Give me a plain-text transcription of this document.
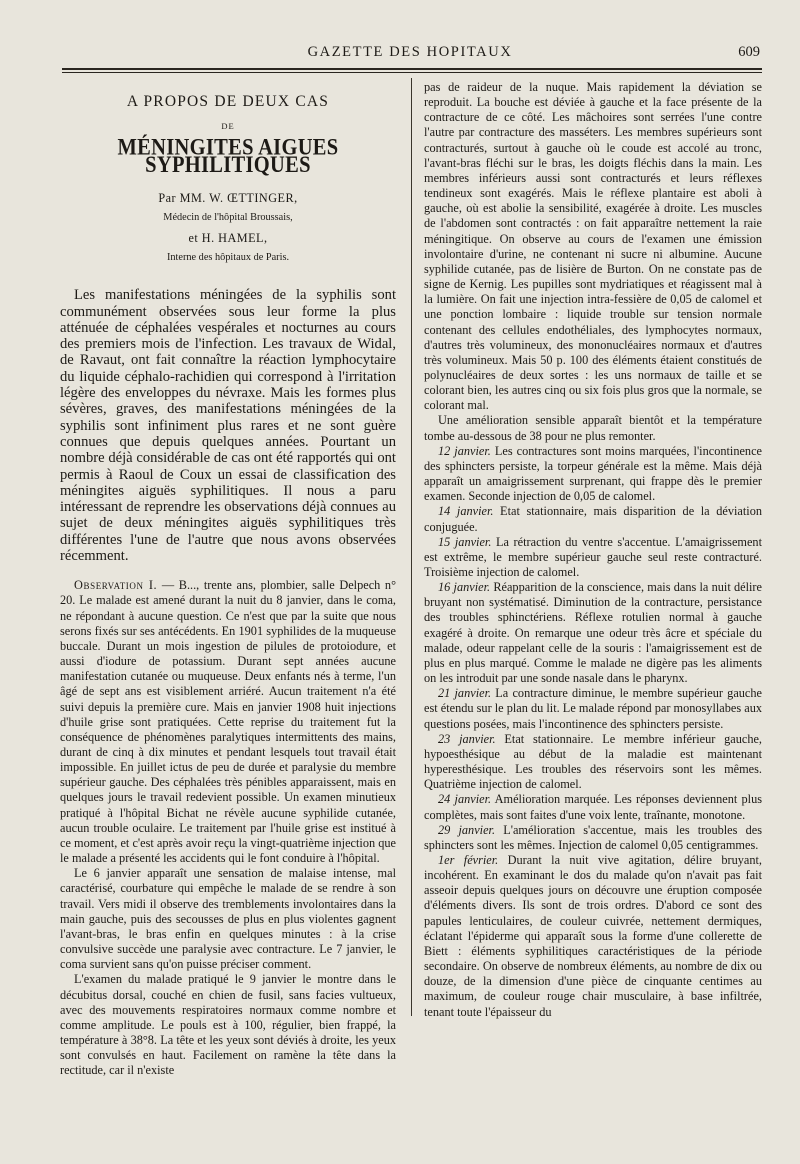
GAZETTE DES HOPITAUX	609
A PROPOS DE DEUX CAS
DE
MÉNINGITES AIGUES SYPHILITIQUES
Par MM. W. ŒTTINGER,
Médecin de l'hôpital Broussais,
et H. HAMEL,
Interne des hôpitaux de Paris.

Les manifestations méningées de la syphilis sont communément observées sous leur forme la plus atténuée de céphalées vespérales et nocturnes au cours des premiers mois de l'infection. Les travaux de Widal, de Ravaut, ont fait connaître la réaction lymphocytaire du liquide céphalo-rachidien qui correspond à l'irritation légère des enveloppes du névraxe. Mais les formes plus sévères, graves, des manifestations méningées de la syphilis sont infiniment plus rares et ne sont guère connues que depuis quelques années. Pourtant un nombre déjà considérable de cas ont été rapportés qui ont permis à Raoul de Coux un essai de classification des méningites aiguës syphilitiques. Il nous a paru intéressant de reprendre les observations déjà connues au sujet de deux méningites aiguës syphilitiques très différentes l'une de l'autre que nous avons observées récemment.

Observation I. — B..., trente ans, plombier, salle Delpech n° 20. Le malade est amené durant la nuit du 8 janvier, dans le coma, ne répondant à aucune question. Ce n'est que par la suite que nous serons fixés sur ses antécédents. En 1901 syphilides de la muqueuse buccale. Durant un mois ingestion de pilules de protoiodure, et aussi d'iodure de potassium. Durant sept années aucune manifestation cutanée ou muqueuse. Deux enfants nés à terme, l'un âgé de sept ans est visiblement arriéré. Aucun traitement n'a été suivi depuis la première cure. Mais en janvier 1908 huit injections d'huile grise sont pratiquées. Cette reprise du traitement fut la conséquence de phénomènes paralytiques intermittents des mains, durant de cinq à dix minutes et pendant lesquels tout travail était impossible. En juillet ictus de peu de durée et paralysie du membre supérieur gauche. Des céphalées très pénibles apparaissent, mais en quelques jours le travail redevient possible. Un examen minutieux pratiqué à l'hôpital Bichat ne révèle aucune syphilide cutanée, aucun trouble oculaire. Le traitement par l'huile grise est institué à ce moment, et c'est après avoir reçu la vingt-quatrième injection que le malade a présenté les accidents qui le font conduire à l'hôpital.

Le 6 janvier apparaît une sensation de malaise intense, mal caractérisé, courbature qui empêche le malade de se rendre à son travail. Vers midi il observe des tremblements involontaires dans la main gauche, puis des secousses de plus en plus violentes gagnent l'avant-bras, le bras enfin en quelques minutes : à la crise convulsive succède une paralysie avec contracture. Le 7 janvier, le coma survient sans qu'on puisse préciser comment.

L'examen du malade pratiqué le 9 janvier le montre dans le décubitus dorsal, couché en chien de fusil, sans facies vultueux, avec des mouvements respiratoires normaux comme nombre et comme amplitude. Le pouls est à 100, régulier, bien frappé, la température à 38°8. La tête et les yeux sont déviés à droite, les yeux sont convulsés en haut. Facilement on ramène la tête dans la rectitude, car il n'existe

pas de raideur de la nuque. Mais rapidement la déviation se reproduit. La bouche est déviée à gauche et la face présente de la contracture de ce côté. Les mâchoires sont serrées l'une contre l'autre par contracture des masséters. Les membres supérieurs sont contracturés, surtout à gauche où le coude est accolé au tronc, l'avant-bras fléchi sur le bras, les doigts fléchis dans la main. Les membres inférieurs aussi sont contracturés et leurs réflexes tendineux sont exagérés. Mais le réflexe plantaire est aboli à gauche, où est abolie la sensibilité, exagérée à droite. Les muscles de l'abdomen sont contractés : on fait apparaître nettement la raie méningitique. On observe au cours de l'examen une émission involontaire d'urine, ne contenant ni sucre ni albumine. Aucune syphilide cutanée, pas de lisière de Burton. On ne constate pas de signe de Kernig. Les pupilles sont mydriatiques et réagissent mal à la lumière. On fait une injection intra-fessière de 0,05 de calomel et une ponction lombaire : liquide trouble sur tension normale contenant des cellules endothéliales, des lymphocytes normaux, d'autres très volumineux, des mononucléaires normaux et d'autres très volumineux. Mais 50 p. 100 des éléments étaient constitués de polynucléaires de deux sortes : les uns normaux de taille et se colorant bien, les autres cinq ou six fois plus gros que la normale, se colorant mal.

Une amélioration sensible apparaît bientôt et la température tombe au-dessous de 38 pour ne plus remonter.

12 janvier. Les contractures sont moins marquées, l'incontinence des sphincters persiste, la torpeur générale est la même. Mais déjà apparaît un amaigrissement surprenant, qui frappe dès le premier examen. Seconde injection de 0,05 de calomel.

14 janvier. Etat stationnaire, mais disparition de la déviation conjuguée.

15 janvier. La rétraction du ventre s'accentue. L'amaigrissement est extrême, le membre supérieur gauche seul reste contracturé. Troisième injection de calomel.

16 janvier. Réapparition de la conscience, mais dans la nuit délire bruyant non systématisé. Diminution de la contracture, persistance des troubles sphinctériens. Réflexe rotulien normal à gauche exagéré à droite. On remarque une odeur très âcre et spéciale du malade, odeur rappelant celle de la souris : l'amaigrissement est de plus en plus marqué. Comme le malade ne digère pas les aliments on les introduit par une sonde nasale dans le pharynx.

21 janvier. La contracture diminue, le membre supérieur gauche est étendu sur le plan du lit. Le malade répond par monosyllabes aux questions posées, mais l'incontinence des sphincters persiste.

23 janvier. Etat stationnaire. Le membre inférieur gauche, hypoesthésique au début de la maladie est maintenant hyperesthésique. Les troubles des réservoirs sont les mêmes. Quatrième injection de calomel.

24 janvier. Amélioration marquée. Les réponses deviennent plus complètes, mais sont faites d'une voix lente, traînante, monotone.

29 janvier. L'amélioration s'accentue, mais les troubles des sphincters sont les mêmes. Injection de calomel 0,05 centigrammes.

1er février. Durant la nuit vive agitation, délire bruyant, incohérent. En examinant le dos du malade qu'on n'avait pas fait asseoir depuis quelques jours on découvre une éruption composée d'éléments divers. Ils sont de trois ordres. D'abord ce sont des papules lenticulaires, de couleur cuivrée, nettement dermiques, éclatant l'épiderme qui apparaît sous la forme d'une collerette de Biett : éléments syphilitiques caractéristiques de la période secondaire. On observe de nombreux éléments, au nombre de dix ou douze, de la dimension d'une pièce de cinquante centimes au maximum, de couleur rouge chair musculaire, à base infiltrée, tenant toute l'épaisseur du
